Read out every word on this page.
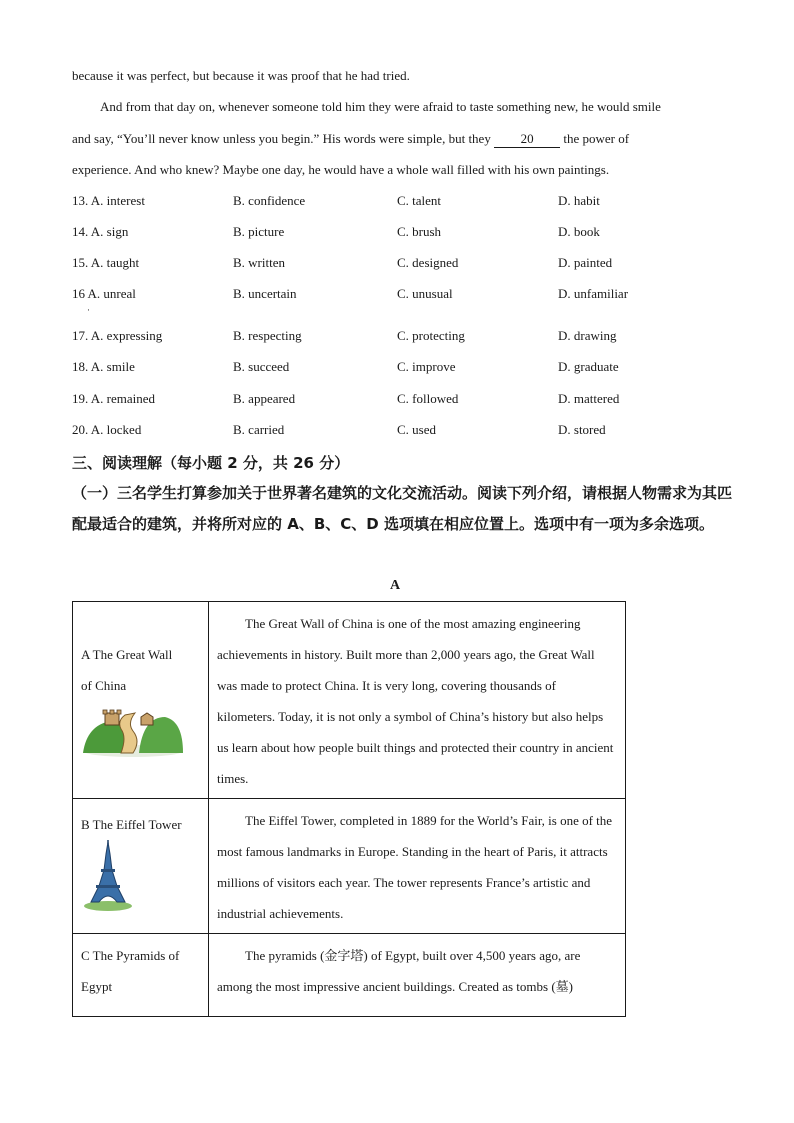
because it was perfect, but because it was proof that he had tried.
And from that day on, whenever someone told him they were afraid to taste something new, he would smile
and say, “You’ll never know unless you begin.” His words were simple, but they 20 the power of
experience. And who knew? Maybe one day, he would have a whole wall filled with his own paintings.
13. A. interest	B. confidence	C. talent	D. habit
14. A. sign	B. picture	C. brush	D. book
15. A. taught	B. written	C. designed	D. painted
16 A. unreal	B. uncertain	C. unusual	D. unfamiliar
·
17. A. expressing	B. respecting	C. protecting	D. drawing
18. A. smile	B. succeed	C. improve	D. graduate
19. A. remained	B. appeared	C. followed	D. mattered
20. A. locked	B. carried	C. used	D. stored
三、阅读理解（每小题 2 分，共 26 分）
（一）三名学生打算参加关于世界著名建筑的文化交流活动。阅读下列介绍，请根据人物需求为其匹配最适合的建筑，并将所对应的 A、B、C、D 选项填在相应位置上。选项中有一项为多余选项。
A
A The Great Wall
of China	The Great Wall of China is one of the most amazing engineering achievements in history. Built more than 2,000 years ago, the Great Wall was made to protect China. It is very long, covering thousands of kilometers. Today, it is not only a symbol of China’s history but also helps us learn about how people built things and protected their country in ancient times.

B The Eiffel Tower	The Eiffel Tower, completed in 1889 for the World’s Fair, is one of the most famous landmarks in Europe. Standing in the heart of Paris, it attracts millions of visitors each year. The tower represents France’s artistic and industrial achievements.

C The Pyramids of
Egypt	The pyramids (金字塔) of Egypt, built over 4,500 years ago, are among the most impressive ancient buildings. Created as tombs (墓)
